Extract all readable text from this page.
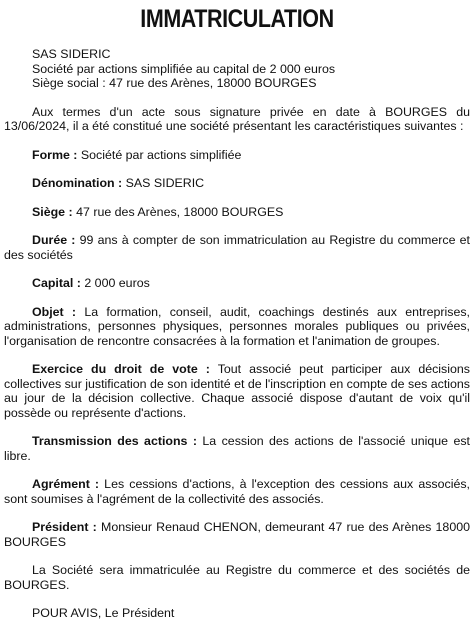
IMMATRICULATION
SAS SIDERIC
Société par actions simplifiée au capital de 2 000 euros
Siège social : 47 rue des Arènes, 18000 BOURGES

Aux termes d'un acte sous signature privée en date à BOURGES du 13/06/2024, il a été constitué une société présentant les caractéristiques suivantes :

Forme : Société par actions simplifiée

Dénomination : SAS SIDERIC

Siège : 47 rue des Arènes, 18000 BOURGES

Durée : 99 ans à compter de son immatriculation au Registre du commerce et des sociétés

Capital : 2 000 euros

Objet : La formation, conseil, audit, coachings destinés aux entreprises, administrations, personnes physiques, personnes morales publiques ou privées, l'organisation de rencontre consacrées à la formation et l'animation de groupes.

Exercice du droit de vote : Tout associé peut participer aux décisions collectives sur justification de son identité et de l'inscription en compte de ses actions au jour de la décision collective. Chaque associé dispose d'autant de voix qu'il possède ou représente d'actions.

Transmission des actions : La cession des actions de l'associé unique est libre.

Agrément : Les cessions d'actions, à l'exception des cessions aux associés, sont soumises à l'agrément de la collectivité des associés.

Président : Monsieur Renaud CHENON, demeurant 47 rue des Arènes 18000 BOURGES

La Société sera immatriculée au Registre du commerce et des sociétés de BOURGES.

POUR AVIS, Le Président
